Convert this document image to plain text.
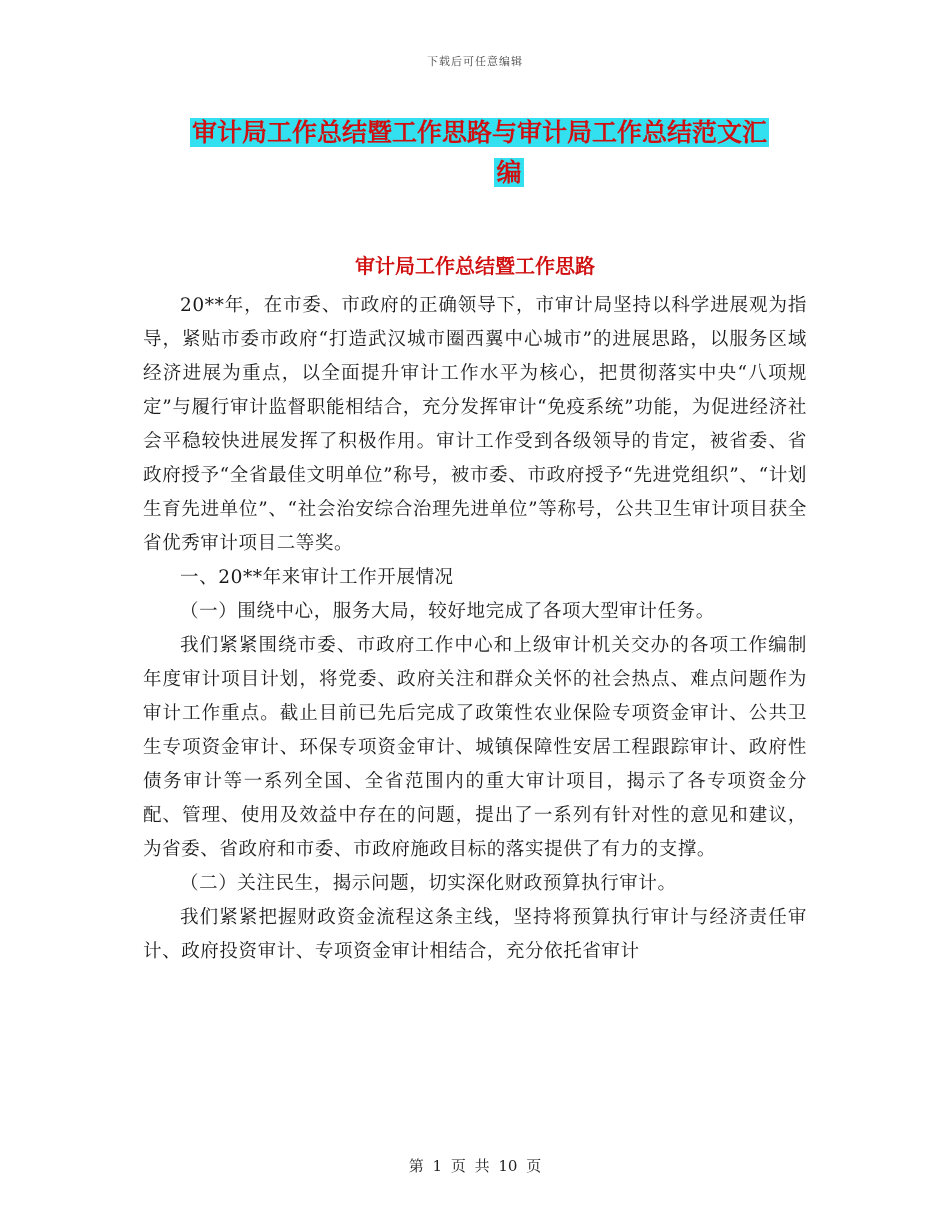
下载后可任意编辑
审计局工作总结暨工作思路与审计局工作总结范文汇
编
审计局工作总结暨工作思路

20**年，在市委、市政府的正确领导下，市审计局坚持以科学进展观为指导，紧贴市委市政府“打造武汉城市圈西翼中心城市”的进展思路，以服务区域经济进展为重点，以全面提升审计工作水平为核心，把贯彻落实中央“八项规定”与履行审计监督职能相结合，充分发挥审计“免疫系统”功能，为促进经济社会平稳较快进展发挥了积极作用。审计工作受到各级领导的肯定，被省委、省政府授予“全省最佳文明单位”称号，被市委、市政府授予“先进党组织”、“计划生育先进单位”、“社会治安综合治理先进单位”等称号，公共卫生审计项目获全省优秀审计项目二等奖。

一、20**年来审计工作开展情况

（一）围绕中心，服务大局，较好地完成了各项大型审计任务。

我们紧紧围绕市委、市政府工作中心和上级审计机关交办的各项工作编制年度审计项目计划，将党委、政府关注和群众关怀的社会热点、难点问题作为审计工作重点。截止目前已先后完成了政策性农业保险专项资金审计、公共卫生专项资金审计、环保专项资金审计、城镇保障性安居工程跟踪审计、政府性债务审计等一系列全国、全省范围内的重大审计项目，揭示了各专项资金分配、管理、使用及效益中存在的问题，提出了一系列有针对性的意见和建议，为省委、省政府和市委、市政府施政目标的落实提供了有力的支撑。

（二）关注民生，揭示问题，切实深化财政预算执行审计。

我们紧紧把握财政资金流程这条主线，坚持将预算执行审计与经济责任审计、政府投资审计、专项资金审计相结合，充分依托省审计

第 1 页 共 10 页
